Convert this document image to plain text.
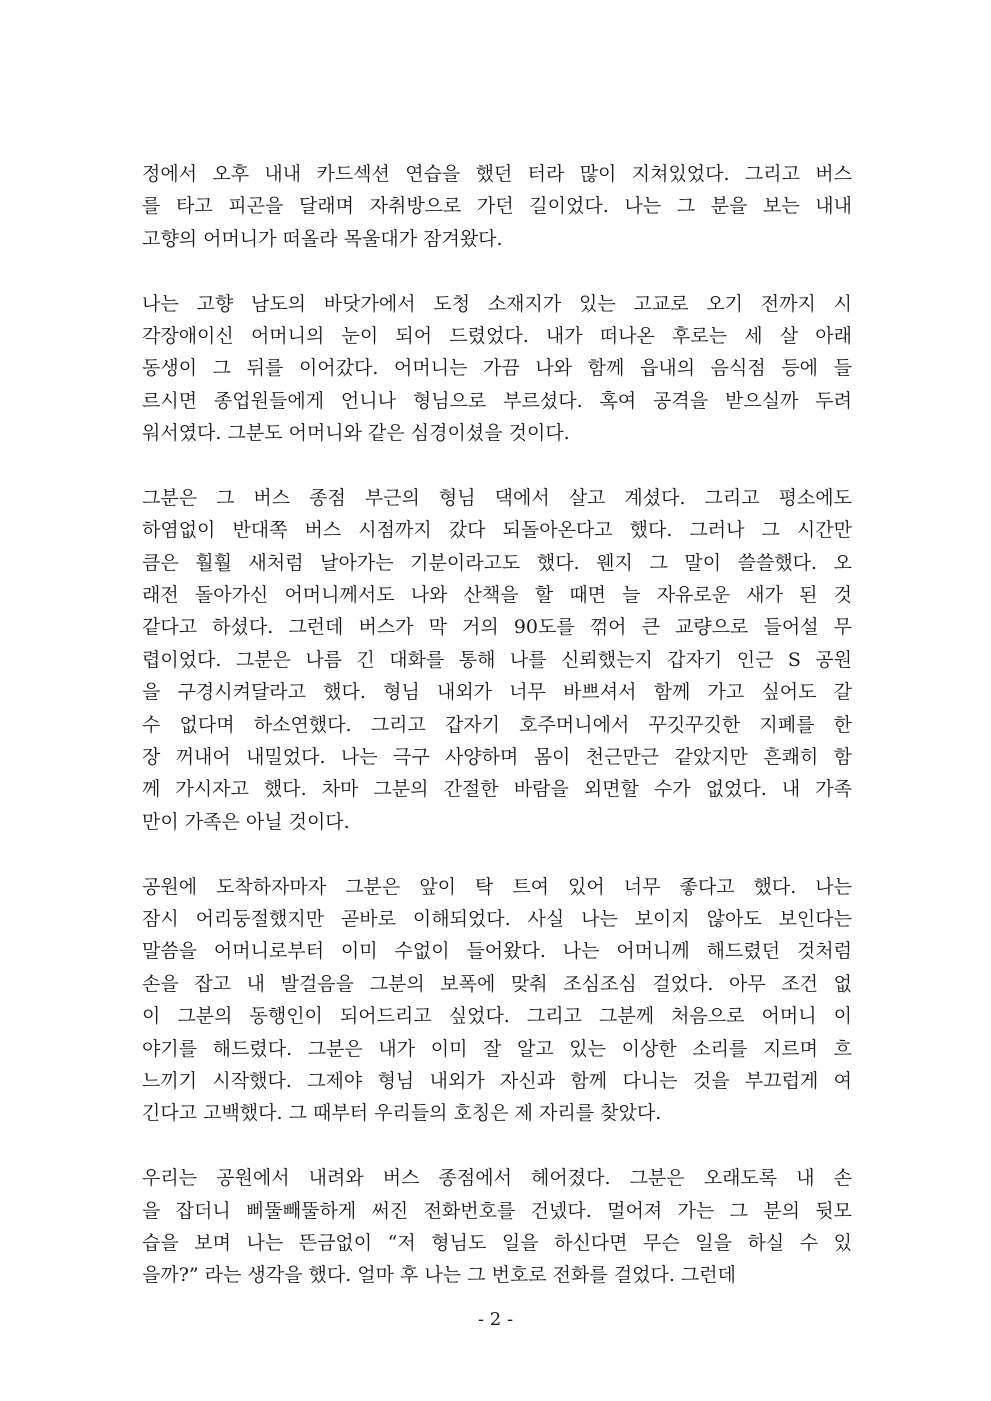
정에서 오후 내내 카드섹션 연습을 했던 터라 많이 지쳐있었다. 그리고 버스
를 타고 피곤을 달래며 자취방으로 가던 길이었다. 나는 그 분을 보는 내내
고향의 어머니가 떠올라 목울대가 잠겨왔다.
나는 고향 남도의 바닷가에서 도청 소재지가 있는 고교로 오기 전까지 시
각장애이신 어머니의 눈이 되어 드렸었다. 내가 떠나온 후로는 세 살 아래
동생이 그 뒤를 이어갔다. 어머니는 가끔 나와 함께 읍내의 음식점 등에 들
르시면 종업원들에게 언니나 형님으로 부르셨다. 혹여 공격을 받으실까 두려
워서였다. 그분도 어머니와 같은 심경이셨을 것이다.
그분은 그 버스 종점 부근의 형님 댁에서 살고 계셨다. 그리고 평소에도
하염없이 반대쪽 버스 시점까지 갔다 되돌아온다고 했다. 그러나 그 시간만
큼은 훨훨 새처럼 날아가는 기분이라고도 했다. 웬지 그 말이 쓸쓸했다. 오
래전 돌아가신 어머니께서도 나와 산책을 할 때면 늘 자유로운 새가 된 것
같다고 하셨다. 그런데 버스가 막 거의 90도를 꺾어 큰 교량으로 들어설 무
렵이었다. 그분은 나름 긴 대화를 통해 나를 신뢰했는지 갑자기 인근 S 공원
을 구경시켜달라고 했다. 형님 내외가 너무 바쁘셔서 함께 가고 싶어도 갈
수 없다며 하소연했다. 그리고 갑자기 호주머니에서 꾸깃꾸깃한 지폐를 한
장 꺼내어 내밀었다. 나는 극구 사양하며 몸이 천근만근 같았지만 흔쾌히 함
께 가시자고 했다. 차마 그분의 간절한 바람을 외면할 수가 없었다. 내 가족
만이 가족은 아닐 것이다.
공원에 도착하자마자 그분은 앞이 탁 트여 있어 너무 좋다고 했다. 나는
잠시 어리둥절했지만 곧바로 이해되었다. 사실 나는 보이지 않아도 보인다는
말씀을 어머니로부터 이미 수없이 들어왔다. 나는 어머니께 해드렸던 것처럼
손을 잡고 내 발걸음을 그분의 보폭에 맞춰 조심조심 걸었다. 아무 조건 없
이 그분의 동행인이 되어드리고 싶었다. 그리고 그분께 처음으로 어머니 이
야기를 해드렸다. 그분은 내가 이미 잘 알고 있는 이상한 소리를 지르며 흐
느끼기 시작했다. 그제야 형님 내외가 자신과 함께 다니는 것을 부끄럽게 여
긴다고 고백했다. 그 때부터 우리들의 호칭은 제 자리를 찾았다.
우리는 공원에서 내려와 버스 종점에서 헤어졌다. 그분은 오래도록 내 손
을 잡더니 삐뚤빼뚤하게 써진 전화번호를 건넸다. 멀어져 가는 그 분의 뒷모
습을 보며 나는 뜬금없이 “저 형님도 일을 하신다면 무슨 일을 하실 수 있
을까?” 라는 생각을 했다. 얼마 후 나는 그 번호로 전화를 걸었다. 그런데
- 2 -
